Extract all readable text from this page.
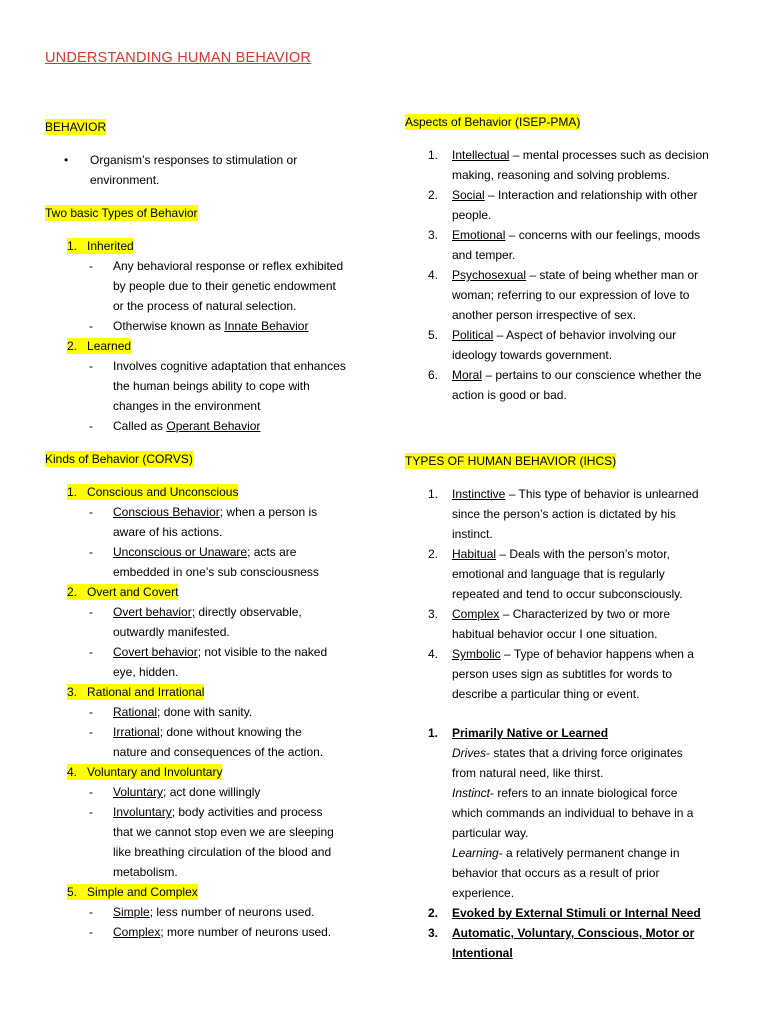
UNDERSTANDING HUMAN BEHAVIOR
BEHAVIOR
• Organism’s responses to stimulation or
environment.
Two basic Types of Behavior
1. Inherited
- Any behavioral response or reflex exhibited
by people due to their genetic endowment
or the process of natural selection.
- Otherwise known as Innate Behavior
2. Learned
- Involves cognitive adaptation that enhances
the human beings ability to cope with
changes in the environment
- Called as Operant Behavior
Kinds of Behavior (CORVS)
1. Conscious and Unconscious
- Conscious Behavior; when a person is
aware of his actions.
- Unconscious or Unaware; acts are
embedded in one’s sub consciousness
2. Overt and Covert
- Overt behavior; directly observable,
outwardly manifested.
- Covert behavior; not visible to the naked
eye, hidden.
3. Rational and Irrational
- Rational; done with sanity.
- Irrational; done without knowing the
nature and consequences of the action.
4. Voluntary and Involuntary
- Voluntary; act done willingly
- Involuntary; body activities and process
that we cannot stop even we are sleeping
like breathing circulation of the blood and
metabolism.
5. Simple and Complex
- Simple; less number of neurons used.
- Complex; more number of neurons used.
Aspects of Behavior (ISEP-PMA)
1. Intellectual – mental processes such as decision
making, reasoning and solving problems.
2. Social – Interaction and relationship with other
people.
3. Emotional – concerns with our feelings, moods
and temper.
4. Psychosexual – state of being whether man or
woman; referring to our expression of love to
another person irrespective of sex.
5. Political – Aspect of behavior involving our
ideology towards government.
6. Moral – pertains to our conscience whether the
action is good or bad.
TYPES OF HUMAN BEHAVIOR (IHCS)
1. Instinctive – This type of behavior is unlearned
since the person’s action is dictated by his
instinct.
2. Habitual – Deals with the person’s motor,
emotional and language that is regularly
repeated and tend to occur subconsciously.
3. Complex – Characterized by two or more
habitual behavior occur I one situation.
4. Symbolic – Type of behavior happens when a
person uses sign as subtitles for words to
describe a particular thing or event.
1. Primarily Native or Learned
Drives- states that a driving force originates
from natural need, like thirst.
Instinct- refers to an innate biological force
which commands an individual to behave in a
particular way.
Learning- a relatively permanent change in
behavior that occurs as a result of prior
experience.
2. Evoked by External Stimuli or Internal Need
3. Automatic, Voluntary, Conscious, Motor or
Intentional
